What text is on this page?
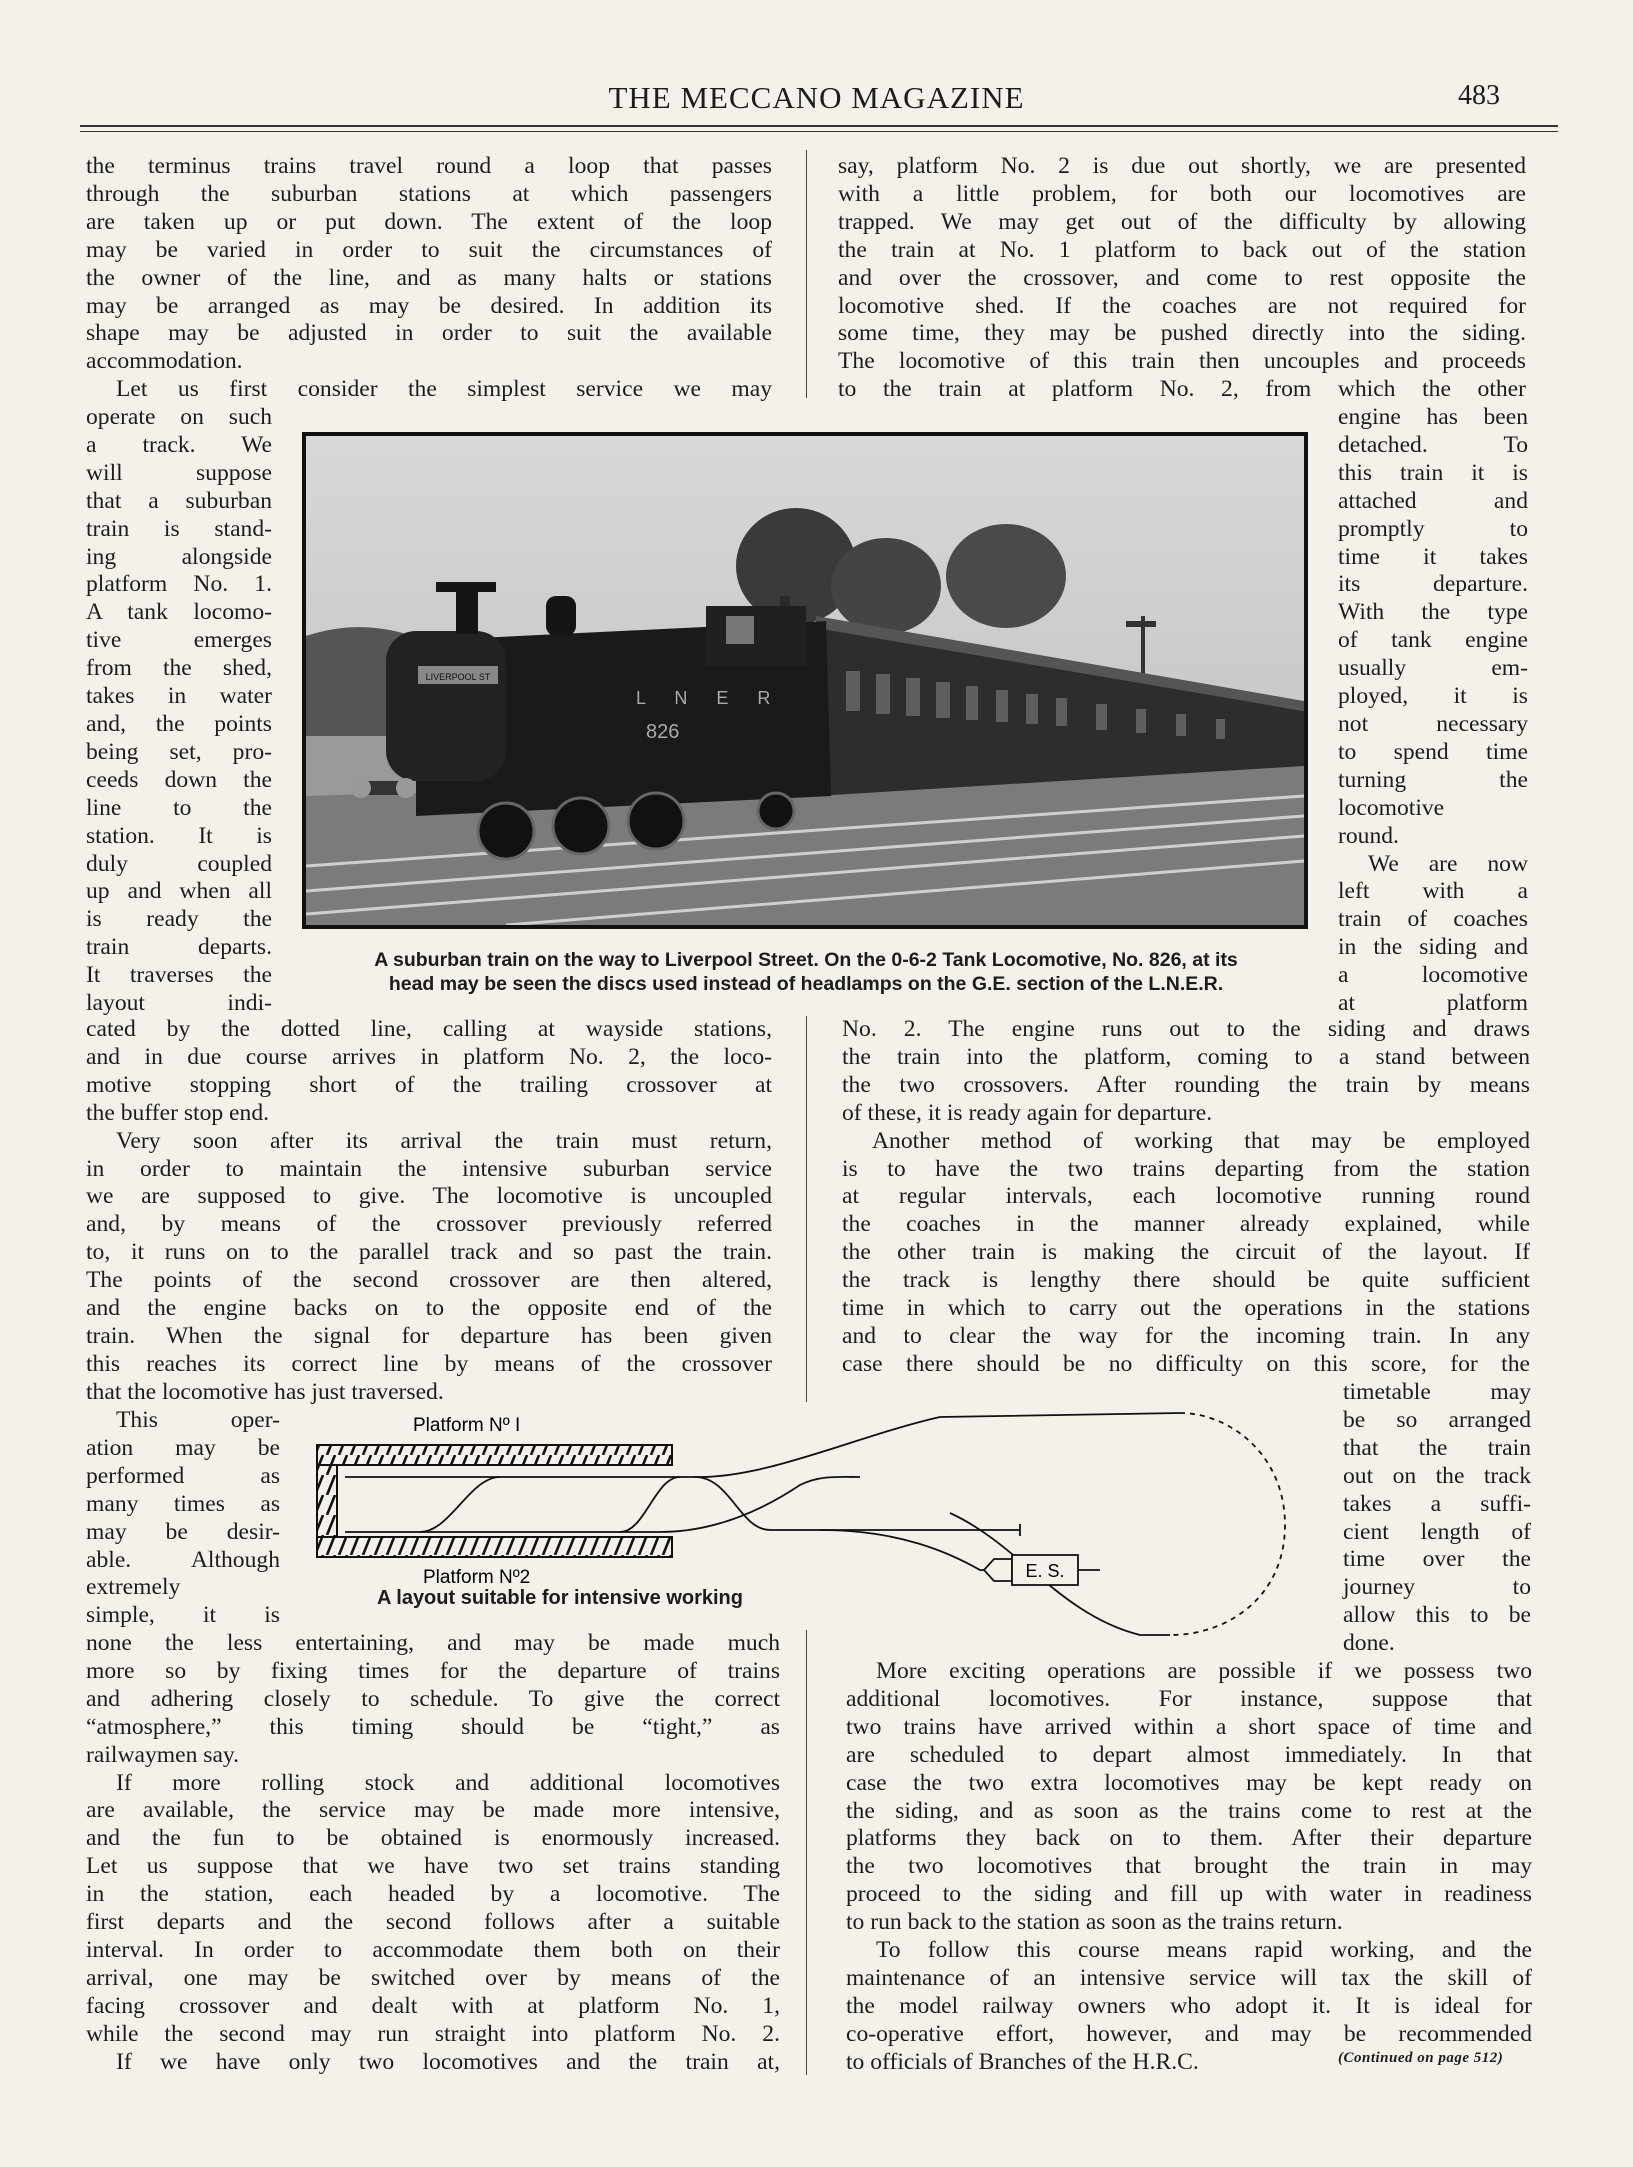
THE MECCANO MAGAZINE	483
the terminus trains travel round a loop that passes
through the suburban stations at which passengers
are taken up or put down. The extent of the loop
may be varied in order to suit the circumstances of
the owner of the line, and as many halts or stations
may be arranged as may be desired. In addition its
shape may be adjusted in order to suit the available
accommodation.
Let us first consider the simplest service we may
operate on such
a track. We
will suppose
that a suburban
train is stand-
ing alongside
platform No. 1.
A tank locomo-
tive emerges
from the shed,
takes in water
and, the points
being set, pro-
ceeds down the
line to the
station. It is
duly coupled
up and when all
is ready the
train departs.
It traverses the
layout indi-
cated by the dotted line, calling at wayside stations,
and in due course arrives in platform No. 2, the loco-
motive stopping short of the trailing crossover at
the buffer stop end.
Very soon after its arrival the train must return,
in order to maintain the intensive suburban service
we are supposed to give. The locomotive is uncoupled
and, by means of the crossover previously referred
to, it runs on to the parallel track and so past the train.
The points of the second crossover are then altered,
and the engine backs on to the opposite end of the
train. When the signal for departure has been given
this reaches its correct line by means of the crossover
that the locomotive has just traversed.
This oper-
ation may be
performed as
many times as
may be desir-
able. Although
extremely
simple, it is
none the less entertaining, and may be made much
more so by fixing times for the departure of trains
and adhering closely to schedule. To give the correct
“atmosphere,” this timing should be “tight,” as
railwaymen say.
If more rolling stock and additional locomotives
are available, the service may be made more intensive,
and the fun to be obtained is enormously increased.
Let us suppose that we have two set trains standing
in the station, each headed by a locomotive. The
first departs and the second follows after a suitable
interval. In order to accommodate them both on their
arrival, one may be switched over by means of the
facing crossover and dealt with at platform No. 1,
while the second may run straight into platform No. 2.
If we have only two locomotives and the train at,
say, platform No. 2 is due out shortly, we are presented
with a little problem, for both our locomotives are
trapped. We may get out of the difficulty by allowing
the train at No. 1 platform to back out of the station
and over the crossover, and come to rest opposite the
locomotive shed. If the coaches are not required for
some time, they may be pushed directly into the siding.
The locomotive of this train then uncouples and proceeds
to the train at platform No. 2, from which the other
engine has been
detached. To
this train it is
attached and
promptly to
time it takes
its departure.
With the type
of tank engine
usually em-
ployed, it is
not necessary
to spend time
turning the
locomotive
round.
We are now
left with a
train of coaches
in the siding and
a locomotive
at platform
No. 2. The engine runs out to the siding and draws
the train into the platform, coming to a stand between
the two crossovers. After rounding the train by means
of these, it is ready again for departure.
Another method of working that may be employed
is to have the two trains departing from the station
at regular intervals, each locomotive running round
the coaches in the manner already explained, while
the other train is making the circuit of the layout. If
the track is lengthy there should be quite sufficient
time in which to carry out the operations in the stations
and to clear the way for the incoming train. In any
case there should be no difficulty on this score, for the
timetable may
be so arranged
that the train
out on the track
takes a suffi-
cient length of
time over the
journey to
allow this to be
done.
More exciting operations are possible if we possess two
additional locomotives. For instance, suppose that
two trains have arrived within a short space of time and
are scheduled to depart almost immediately. In that
case the two extra locomotives may be kept ready on
the siding, and as soon as the trains come to rest at the
platforms they back on to them. After their departure
the two locomotives that brought the train in may
proceed to the siding and fill up with water in readiness
to run back to the station as soon as the trains return.
To follow this course means rapid working, and the
maintenance of an intensive service will tax the skill of
the model railway owners who adopt it. It is ideal for
co-operative effort, however, and may be recommended
to officials of Branches of the H.R.C.	(Continued on page 512)
LIVERPOOL ST
L N E R
826
A suburban train on the way to Liverpool Street. On the 0-6-2 Tank Locomotive, No. 826, at its
head may be seen the discs used instead of headlamps on the G.E. section of the L.N.E.R.
Platform Nº I
Platform Nº2	E. S.
A layout suitable for intensive working
